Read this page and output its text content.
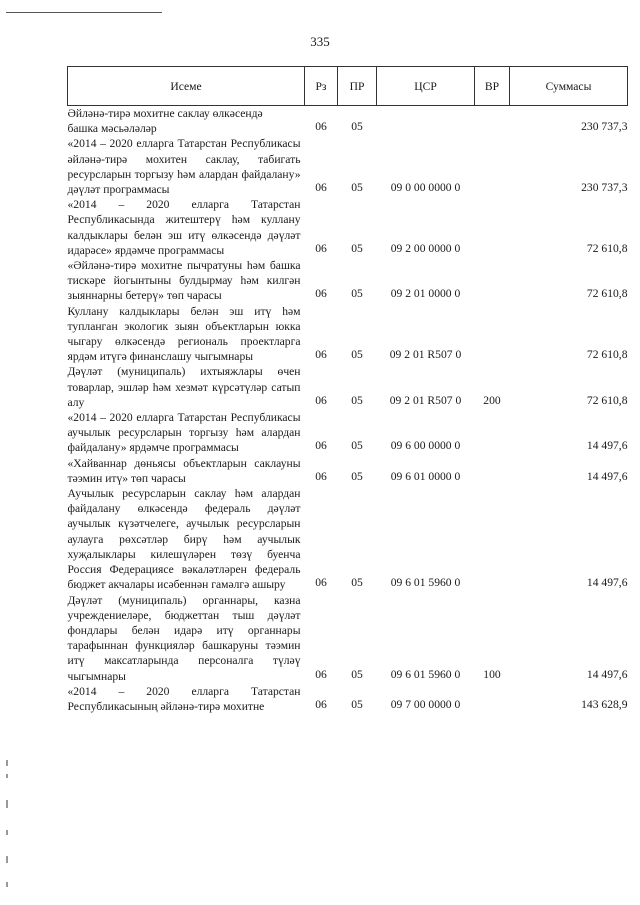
335
Исеме	Рз	ПР	ЦСР	ВР	Суммасы
Әйләнә-тирә мохитне саклау өлкәсендә
башка мәсьәләләр	06	05			230 737,3
«2014 – 2020 елларга Татарстан Республикасы әйләнә-тирә мохитен саклау, табигать ресурсларын торгызу һәм алардан файдалану» дәүләт программасы	06	05	09 0 00 0000 0		230 737,3
«2014 – 2020 елларга Татарстан Республикасында житештерү һәм куллану калдыклары белән эш итү өлкәсендә дәүләт идарәсе» ярдәмче программасы	06	05	09 2 00 0000 0		72 610,8
«Әйләнә-тирә мохитне пычратуны һәм башка тискәре йогынтыны булдырмау һәм килгән зыяннарны бетерү» төп чарасы	06	05	09 2 01 0000 0		72 610,8
Куллану калдыклары белән эш итү һәм тупланган экологик зыян объектларын юкка чыгару өлкәсендә региональ проектларга ярдәм итүгә финанслашу чыгымнары	06	05	09 2 01 R507 0		72 610,8
Дәүләт (муниципаль) ихтыяжлары өчен товарлар, эшләр һәм хезмәт күрсәтүләр сатып алу	06	05	09 2 01 R507 0	200	72 610,8
«2014 – 2020 елларга Татарстан Республикасы аучылык ресурсларын торгызу һәм алардан файдалану» ярдәмче программасы	06	05	09 6 00 0000 0		14 497,6
«Хайваннар дөньясы объектларын саклауны тәэмин итү» төп чарасы	06	05	09 6 01 0000 0		14 497,6
Аучылык ресурсларын саклау һәм алардан файдалану өлкәсендә федераль дәүләт аучылык күзәтчелеге, аучылык ресурсларын аулауга рөхсәтләр бирү һәм аучылык хуҗалыклары килешүләрен төзү буенча Россия Федерациясе вәкаләтләрен федераль бюджет акчалары исәбеннән гамәлгә ашыру	06	05	09 6 01 5960 0		14 497,6
Дәүләт (муниципаль) органнары, казна учреждениеләре, бюджеттан тыш дәүләт фондлары белән идарә итү органнары тарафыннан функцияләр башкаруны тәэмин итү максатларында персоналга түләү чыгымнары	06	05	09 6 01 5960 0	100	14 497,6
«2014 – 2020 елларга Татарстан Республикасының әйләнә-тирә мохитне	06	05	09 7 00 0000 0		143 628,9
